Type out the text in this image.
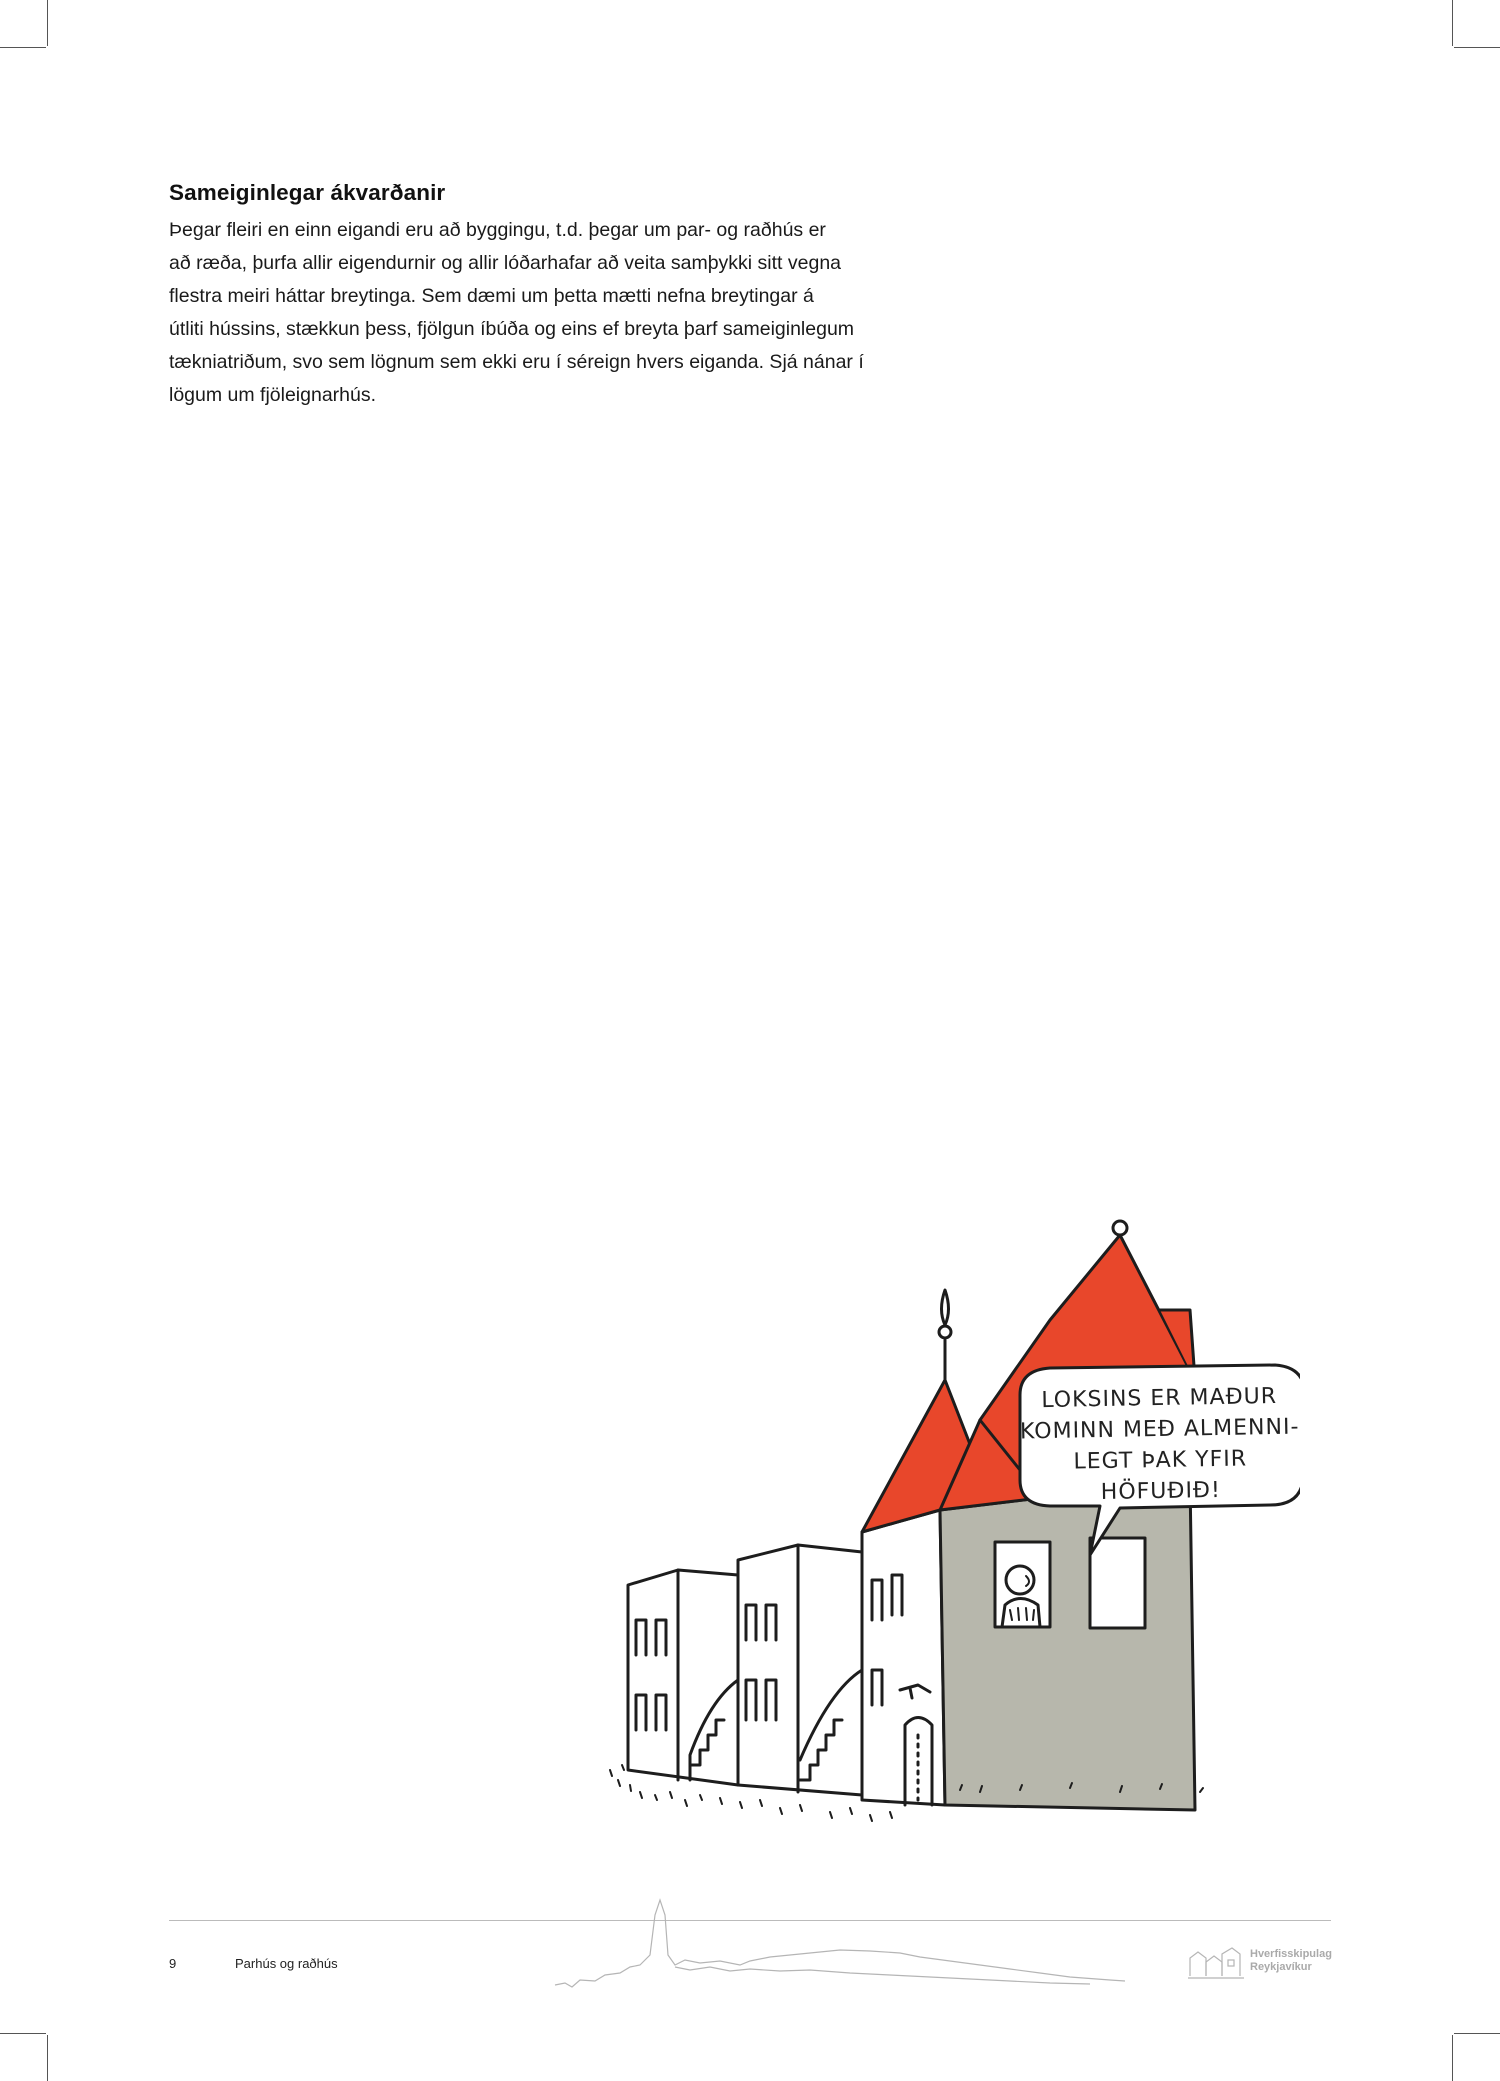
Sameiginlegar ákvarðanir

Þegar fleiri en einn eigandi eru að byggingu, t.d. þegar um par- og raðhús er
að ræða, þurfa allir eigendurnir og allir lóðarhafar að veita samþykki sitt vegna
flestra meiri háttar breytinga. Sem dæmi um þetta mætti nefna breytingar á
útliti hússins, stækkun þess, fjölgun íbúða og eins ef breyta þarf sameiginlegum
tækniatriðum, svo sem lögnum sem ekki eru í séreign hvers eiganda. Sjá nánar í
lögum um fjöleignarhús.

LOKSINS ER MAÐUR
KOMINN MEÐ ALMENNI-
LEGT ÞAK YFIR HÖFUÐIÐ!
9	Parhús og raðhús
Hverfisskipulag
Reykjavíkur
